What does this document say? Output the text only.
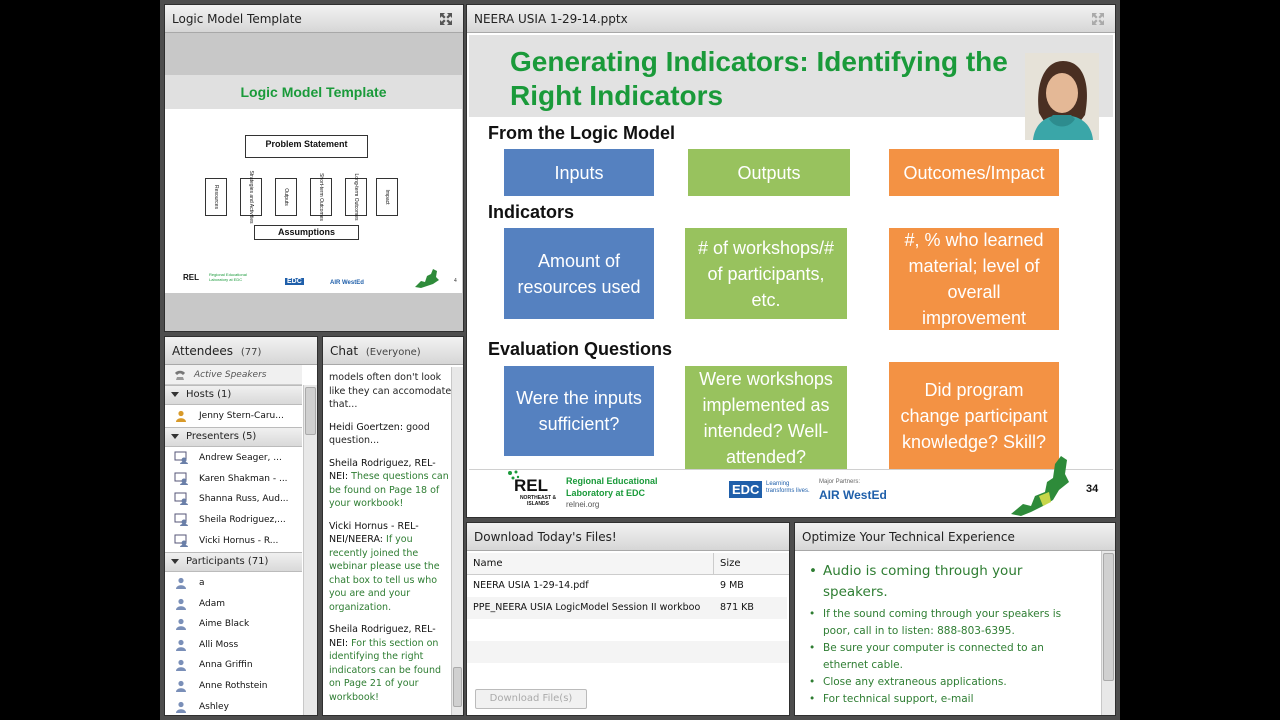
Logic Model Template
Logic Model Template
Problem Statement
Resources	Strategies and Activities	Outputs	Short-term Outcomes	Long-term Outcomes	Impact
Assumptions
REL	Regional Educational Laboratory at EDC	EDC	AIR WestEd	4
NEERA USIA 1-29-14.pptx
Generating Indicators: Identifying the Right Indicators
From the Logic Model
Inputs	Outputs	Outcomes/Impact
Indicators
Amount of resources used
# of workshops/# of participants, etc.
#, % who learned material; level of overall improvement
Evaluation Questions
Were the inputs sufficient?
Were workshops implemented as intended? Well-attended?
Did program change participant knowledge? Skill?
REL
NORTHEAST & ISLANDS
Regional Educational
Laboratory at EDC
relnei.org
EDC	Learning transforms lives.
Major Partners:
AIR WestEd	34
Attendees (77)
Active Speakers
Hosts (1)
Jenny Stern-Caru...
Presenters (5)
Andrew Seager, ...
Karen Shakman - ...
Shanna Russ, Aud...
Sheila Rodriguez,...
Vicki Hornus - R...
Participants (71)
a
Adam
Aime Black
Alli Moss
Anna Griffin
Anne Rothstein
Ashley
Chat (Everyone)
models often don't look like they can accomodate that...
Heidi Goertzen: good question...
Sheila Rodriguez, REL-NEI: These questions can be found on Page 18 of your workbook!
Vicki Hornus - REL-NEI/NEERA: If you recently joined the webinar please use the chat box to tell us who you are and your organization.
Sheila Rodriguez, REL-NEI: For this section on identifying the right indicators can be found on Page 21 of your workbook!
Download Today's Files!
Name	Size
NEERA USIA 1-29-14.pdf	9 MB
PPE_NEERA USIA LogicModel Session II workboo	871 KB
Download File(s)
Optimize Your Technical Experience
• Audio is coming through your speakers.
• If the sound coming through your speakers is poor, call in to listen: 888-803-6395.
• Be sure your computer is connected to an ethernet cable.
• Close any extraneous applications.
• For technical support, e-mail
